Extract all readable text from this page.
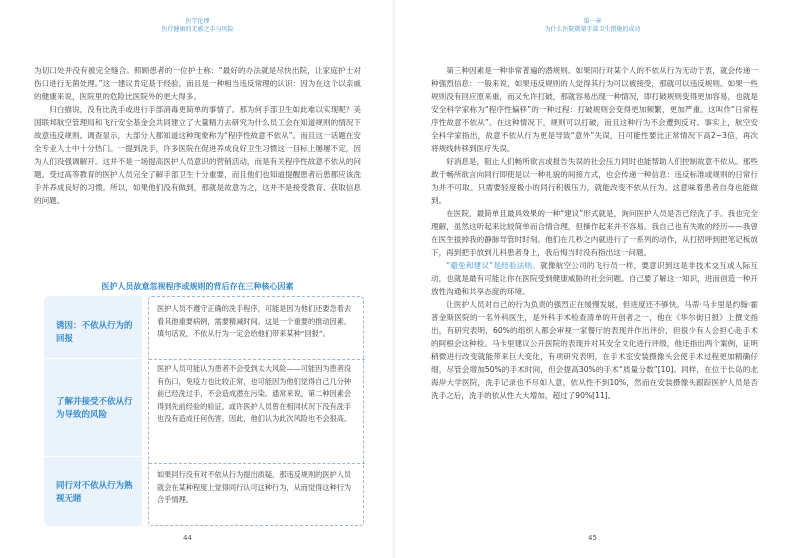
医学伦理
医疗健康的无影之手与风险

为切口处并没有被完全缝合。照顾患者的一位护士称：“最好的办法就是尽快出院，让家庭护士对伤口进行无菌处理。”这一建议肯定基于经验，而且是一种相当违反常理的认识：因为在这个以亲戚的健康来说，医院里的危险比医院外的更大得多。

归白描说，没有比洗手或进行手部消毒更简单的事情了。那为何手部卫生如此难以实现呢？美国联邦航空管理局和飞行安全基金会共同建立了大量精力去研究为什么员工会在知道规则的情况下故意违反规则。调查显示，大部分人都知道这种现象称为“程序性故意不依从”。而且这一话题在安全专业人士中十分热门。一提到洗手，许多医院在促进养成良好卫生习惯这一目标上屡屡不定，因为人们没强调解开。这并不是一场提高医护人员意识的营销活动，而是有关程序性故意不依从的问题。受过高等教育的医护人员完全了解手部卫生十分重要，而且他们也知道提醒患者后患都应该洗手并养成良好的习惯。所以，如果他们没有做到，那就是故意为之，这并不是接受教育、获取信息的问题。

医护人员故意忽视程序或规则的背后存在三种核心因素
诱因：不依从行为的回报
了解并接受不依从行为导致的风险
同行对不依从行为熟视无睹
医护人员不遵守正确的洗手程序，可能是因为他们还要急着去看其他重要病例，需要精减时间。这是一个重要的推动因素。填句话说，不依从行为一定会给他们带来某种“回报”。
医护人员可能认为患者不会受到太大风险——可能因为患者没有伤口，免疫力也比较正常，也可能因为他们觉得自己几分钟前已经洗过手，不会造成潜在污染。通常来说，第二种因素会得到先前经验的验证。或许医护人员曾在相同状况下没有洗手也没有造成任何伤害，因此，他们认为此次风险也不会很高。
如果同行没有对不依从行为提出质疑，那违反规则的医护人员就会在某种程度上觉得同行认可这种行为，从而觉得这种行为合乎情理。
44
第一章
为什么医院微量手部卫生措施的成功

第三种因素是一种非常普遍的潜规则。如果同行对某个人的不依从行为无动于衷，就会传递一种强烈信息：一般来说，如果违反规则的人觉得其行为可以被接受，那就可以违反规则。如果一些规则没有回应原来重，而又允许打破，那就容易出现一种情况，即打破规则变得更加容易，也就是安全科学家称为“程序性偏移”的一种过程：打破规则会变得更加频繁，更加严重。这叫作“日常程序性故意不依从”。在这种情况下，规则可以打破，而且这种行为不会遭到反对。事实上，航空安全科学家指出，故意不依从行为更是导致“意外”失误，日可能性要比正常情况下高2~3倍，再次将规线转移到医疗失误。

好消息是，阻止人们畅所欲言或报告失误的社会压力同时也能帮助人们控制故意不依从。那些敢于畅所欲言向同行即使是以一种礼貌的间接方式，也会传递一种信息：违反标准或规则的日常行为并不可取。只需要轻度极小的同行积极压力，就能改变不依从行为。这意味着患者自身也能做到。

在医院，最简单且最具效果的一种“建议”形式就是，询问医护人员是否已经洗了手。我也完全理解，虽然这听起来比较简单而合情合理，但操作起来并不容易。我自己也有失败的经历——我曾在医生拔掉我的静脉导管时时刻。他们在几秒之内就进行了一系列的动作，从打招呼到把笔记板放下，再到把手放到儿科患者身上，我后悔当时没有指出这一问题。

“避免和建议”是经验法则。就像航空公司的飞行员一样，要意识到这是非技术交互或人际互动，也就是最有可能让你在医院受到健康威胁的社会问题。自己要了解这一知识，进而创造一种开放性沟通和共享态度的环境。

让医护人员对自己的行为负责的强烈正在缓慢发展，但进度还不够快。马蒂·马卡里是约翰·霍普金斯医院的一名外科医生，是外科手术检查清单的开创者之一，他在《华尔街日报》上撰文指出，有研究表明，60%的组织人都会审视一家餐厅的表现并作出评价，但很少有人会担心赴手术的阿根会这种检。马卡里建议公开医院的表现并对其安全文化进行评级，他还指出两个案例，证明稍微进行改变就能带来巨大变化，有项研究表明，在手术室安装摄像头会使手术过程更加精确仔细，尽管会增加50%的手术时间，但会提高30%的手术“质量分数”[10]。同样，在位于长岛的北海岸大学医院，洗手记录也不尽如人意，依从性不到10%，然而在安装摄像头跟踪医护人员是否洗手之后，洗手的依从性大大增加，超过了90%[11]。

45
